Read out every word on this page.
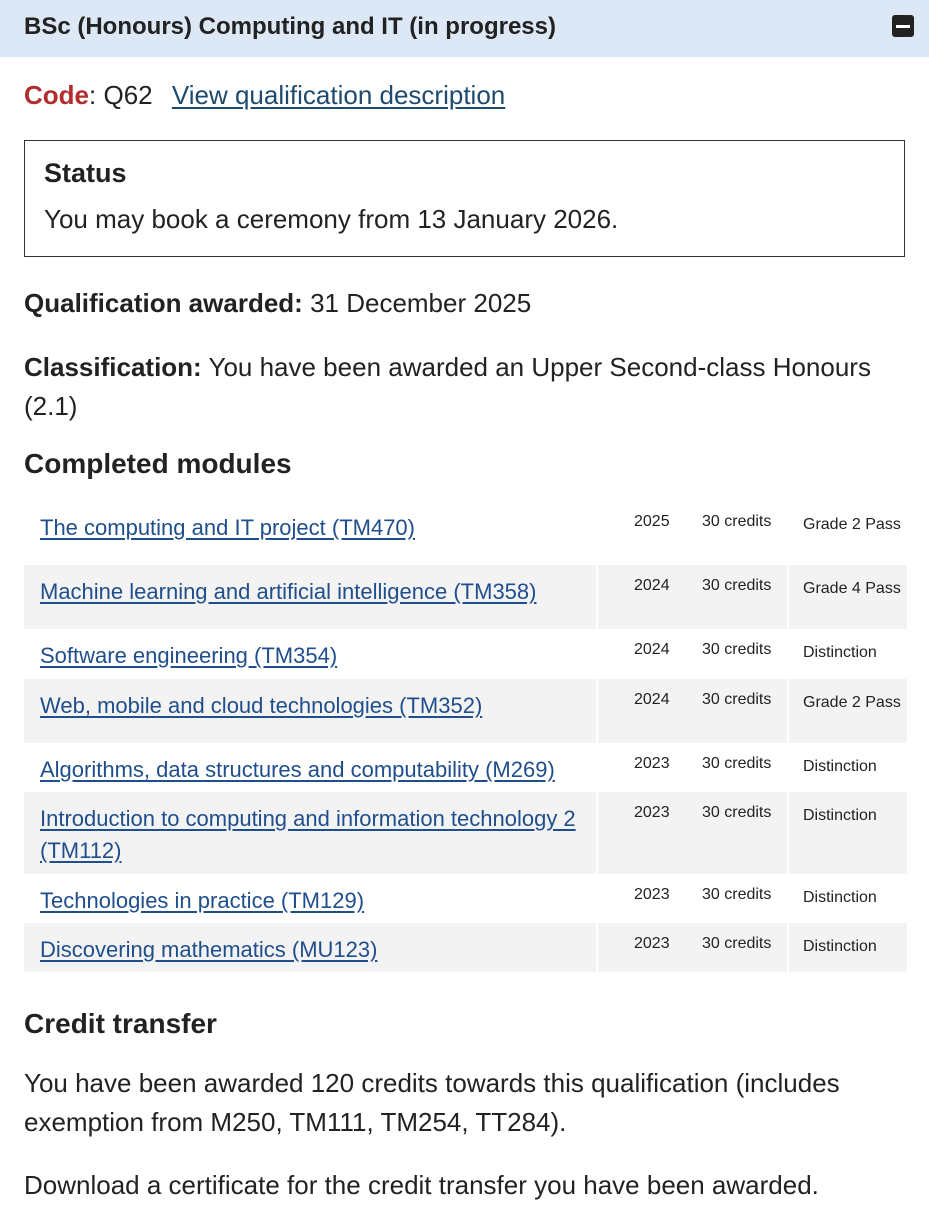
BSc (Honours) Computing and IT (in progress)
Code: Q62 View qualification description
Status
You may book a ceremony from 13 January 2026.
Qualification awarded: 31 December 2025
Classification: You have been awarded an Upper Second-class Honours (2.1)
Completed modules
The computing and IT project (TM470)	2025 30 credits Grade 2 Pass
Machine learning and artificial intelligence (TM358)	2024 30 credits Grade 4 Pass
Software engineering (TM354)	2024 30 credits Distinction
Web, mobile and cloud technologies (TM352)	2024 30 credits Grade 2 Pass
Algorithms, data structures and computability (M269)	2023 30 credits Distinction
Introduction to computing and information technology 2 (TM112)
2023 30 credits Distinction
Technologies in practice (TM129)	2023 30 credits Distinction
Discovering mathematics (MU123)	2023 30 credits Distinction
Credit transfer
You have been awarded 120 credits towards this qualification (includes exemption from M250, TM111, TM254, TT284).
Download a certificate for the credit transfer you have been awarded.
